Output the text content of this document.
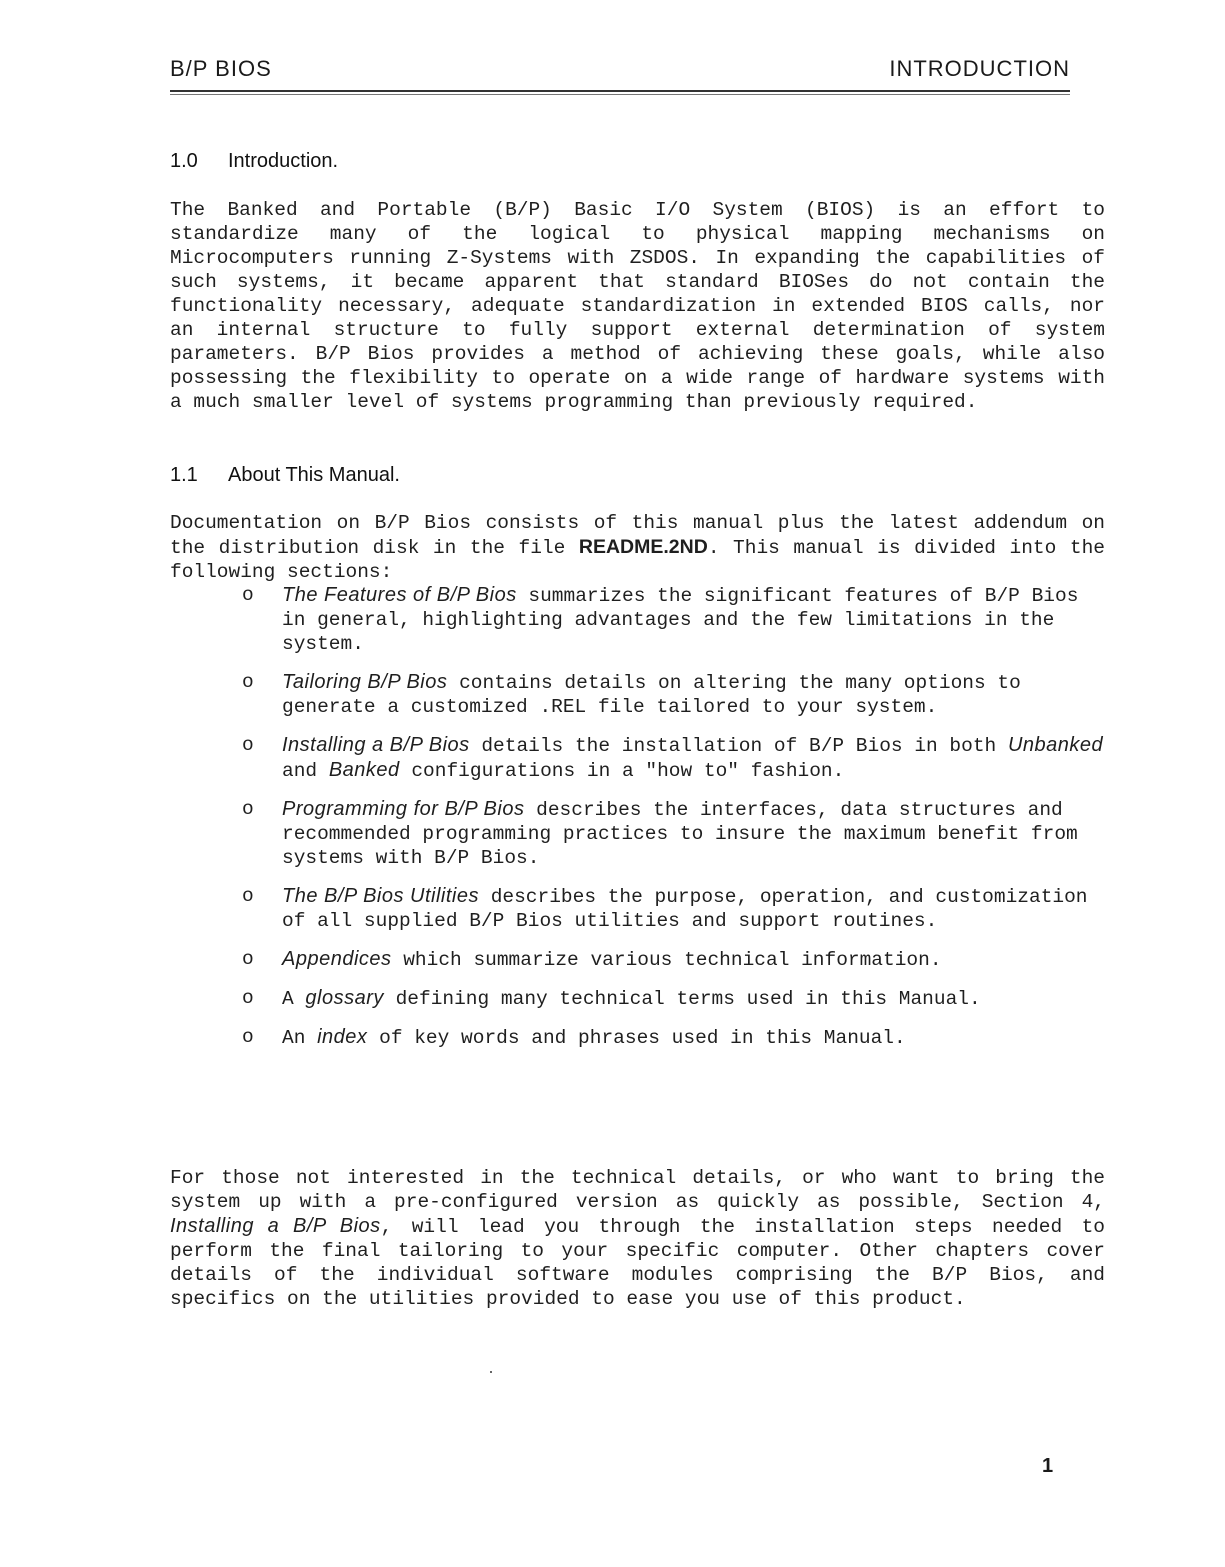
B/P BIOS	INTRODUCTION
1.0 Introduction.
The Banked and Portable (B/P) Basic I/O System (BIOS) is an effort to standardize many of the logical to physical mapping mechanisms on Microcomputers running Z-Systems with ZSDOS. In expanding the capabilities of such systems, it became apparent that standard BIOSes do not contain the functionality necessary, adequate standardization in extended BIOS calls, nor an internal structure to fully support external determination of system parameters. B/P Bios provides a method of achieving these goals, while also possessing the flexibility to operate on a wide range of hardware systems with a much smaller level of systems programming than previously required.
1.1 About This Manual.
Documentation on B/P Bios consists of this manual plus the latest addendum on the distribution disk in the file README.2ND. This manual is divided into the following sections:
o The Features of B/P Bios summarizes the significant features of B/P Bios in general, highlighting advantages and the few limitations in the system.
o Tailoring B/P Bios contains details on altering the many options to generate a customized .REL file tailored to your system.
o Installing a B/P Bios details the installation of B/P Bios in both Unbanked and Banked configurations in a "how to" fashion.
o Programming for B/P Bios describes the interfaces, data structures and recommended programming practices to insure the maximum benefit from systems with B/P Bios.
o The B/P Bios Utilities describes the purpose, operation, and customization of all supplied B/P Bios utilities and support routines.
o Appendices which summarize various technical information.
o A glossary defining many technical terms used in this Manual.
o An index of key words and phrases used in this Manual.
For those not interested in the technical details, or who want to bring the system up with a pre-configured version as quickly as possible, Section 4, Installing a B/P Bios, will lead you through the installation steps needed to perform the final tailoring to your specific computer. Other chapters cover details of the individual software modules comprising the B/P Bios, and specifics on the utilities provided to ease you use of this product.
1
